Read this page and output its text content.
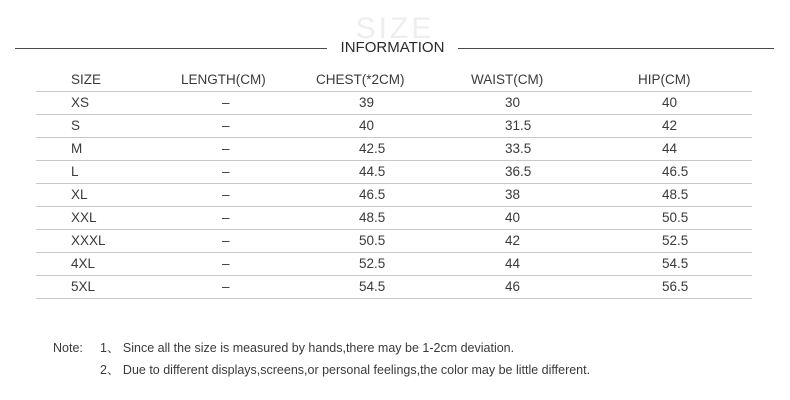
SIZE
INFORMATION
SIZE	LENGTH(CM)	CHEST(*2CM)	WAIST(CM)	HIP(CM)
XS	–	39	30	40
S	–	40	31.5	42
M	–	42.5	33.5	44
L	–	44.5	36.5	46.5
XL	–	46.5	38	48.5
XXL	–	48.5	40	50.5
XXXL	–	50.5	42	52.5
4XL	–	52.5	44	54.5
5XL	–	54.5	46	56.5
Note: 1、 Since all the size is measured by hands,there may be 1-2cm deviation.
2、 Due to different displays,screens,or personal feelings,the color may be little different.
